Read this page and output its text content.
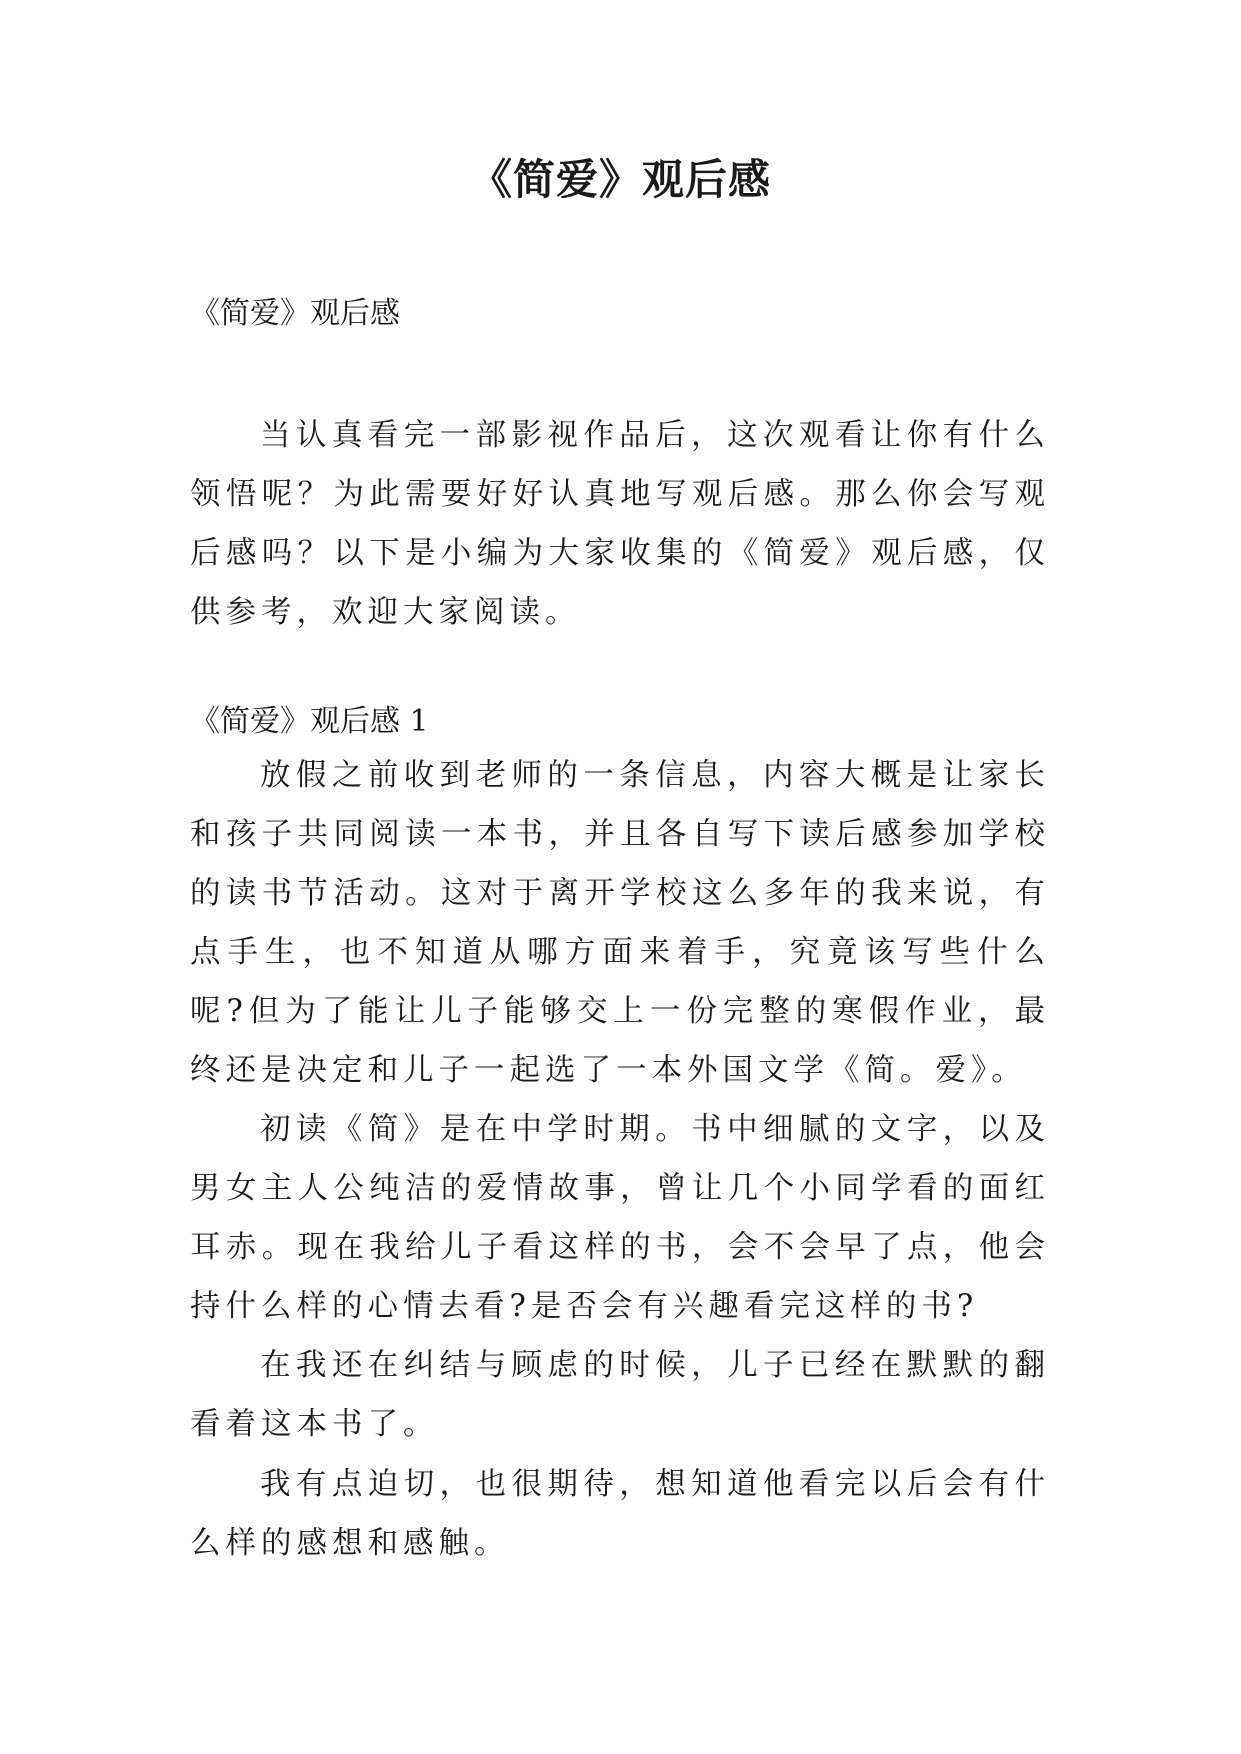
《简爱》观后感

《简爱》观后感

当认真看完一部影视作品后，这次观看让你有什么领悟呢？为此需要好好认真地写观后感。那么你会写观后感吗？以下是小编为大家收集的《简爱》观后感，仅供参考，欢迎大家阅读。

《简爱》观后感 1

放假之前收到老师的一条信息，内容大概是让家长和孩子共同阅读一本书，并且各自写下读后感参加学校的读书节活动。这对于离开学校这么多年的我来说，有点手生，也不知道从哪方面来着手，究竟该写些什么呢?但为了能让儿子能够交上一份完整的寒假作业，最终还是决定和儿子一起选了一本外国文学《简。爱》。

初读《简》是在中学时期。书中细腻的文字，以及男女主人公纯洁的爱情故事，曾让几个小同学看的面红耳赤。现在我给儿子看这样的书，会不会早了点，他会持什么样的心情去看?是否会有兴趣看完这样的书?

在我还在纠结与顾虑的时候，儿子已经在默默的翻看着这本书了。

我有点迫切，也很期待，想知道他看完以后会有什么样的感想和感触。
